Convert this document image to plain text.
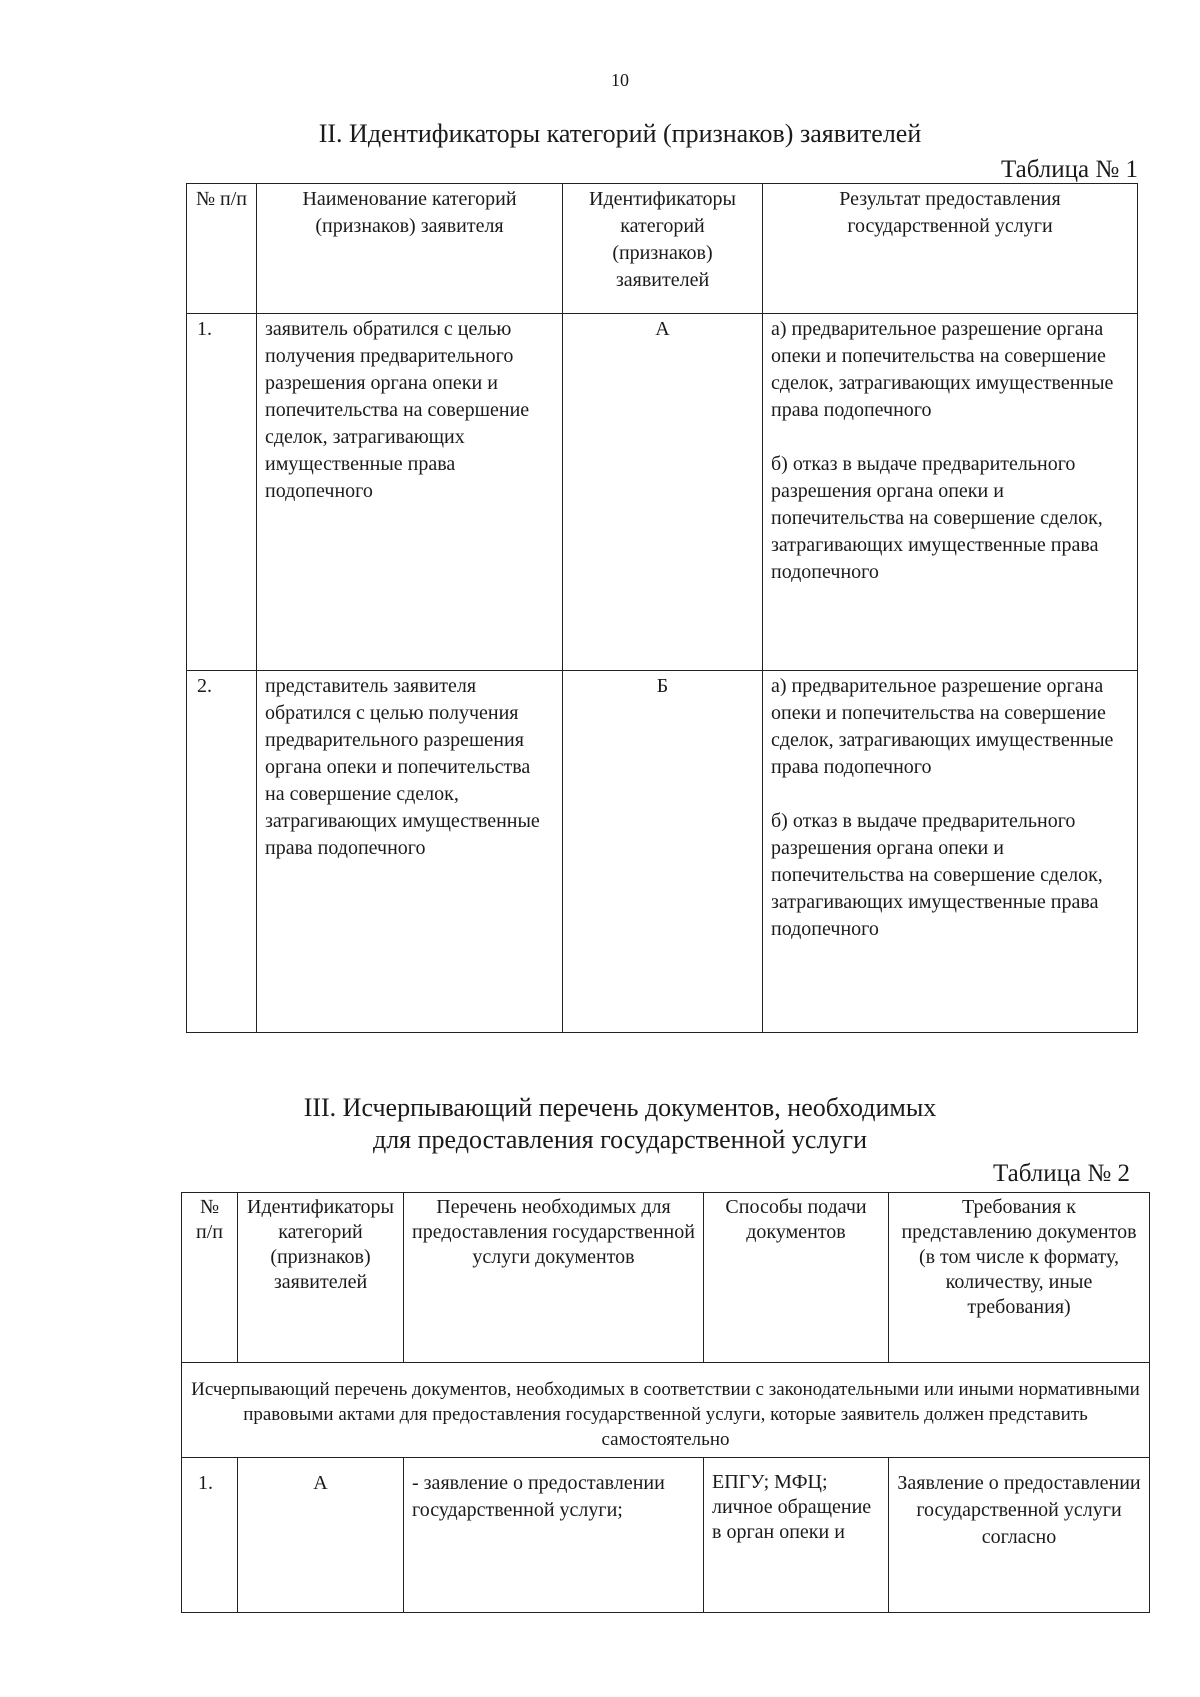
10
II. Идентификаторы категорий (признаков) заявителей
Таблица № 1
№ п/п	Наименование категорий (признаков) заявителя	Идентификаторы категорий (признаков) заявителей	Результат предоставления государственной услуги
1.	заявитель обратился с целью получения предварительного разрешения органа опеки и попечительства на совершение сделок, затрагивающих имущественные права подопечного	А	а) предварительное разрешение органа опеки и попечительства на совершение сделок, затрагивающих имущественные права подопечного

б) отказ в выдаче предварительного разрешения органа опеки и попечительства на совершение сделок, затрагивающих имущественные права подопечного

2.	представитель заявителя обратился с целью получения предварительного разрешения органа опеки и попечительства на совершение сделок, затрагивающих имущественные права подопечного	Б	а) предварительное разрешение органа опеки и попечительства на совершение сделок, затрагивающих имущественные права подопечного

б) отказ в выдаче предварительного разрешения органа опеки и попечительства на совершение сделок, затрагивающих имущественные права подопечного

III. Исчерпывающий перечень документов, необходимых
для предоставления государственной услуги
Таблица № 2
№ п/п	Идентификаторы категорий (признаков) заявителей	Перечень необходимых для предоставления государственной услуги документов	Способы подачи документов	Требования к представлению документов (в том числе к формату, количеству, иные требования)
Исчерпывающий перечень документов, необходимых в соответствии с законодательными или иными нормативными правовыми актами для предоставления государственной услуги, которые заявитель должен представить самостоятельно				
1.	А	- заявление о предоставлении государственной услуги;	ЕПГУ; МФЦ; личное обращение в орган опеки и	Заявление о предоставлении государственной услуги согласно
